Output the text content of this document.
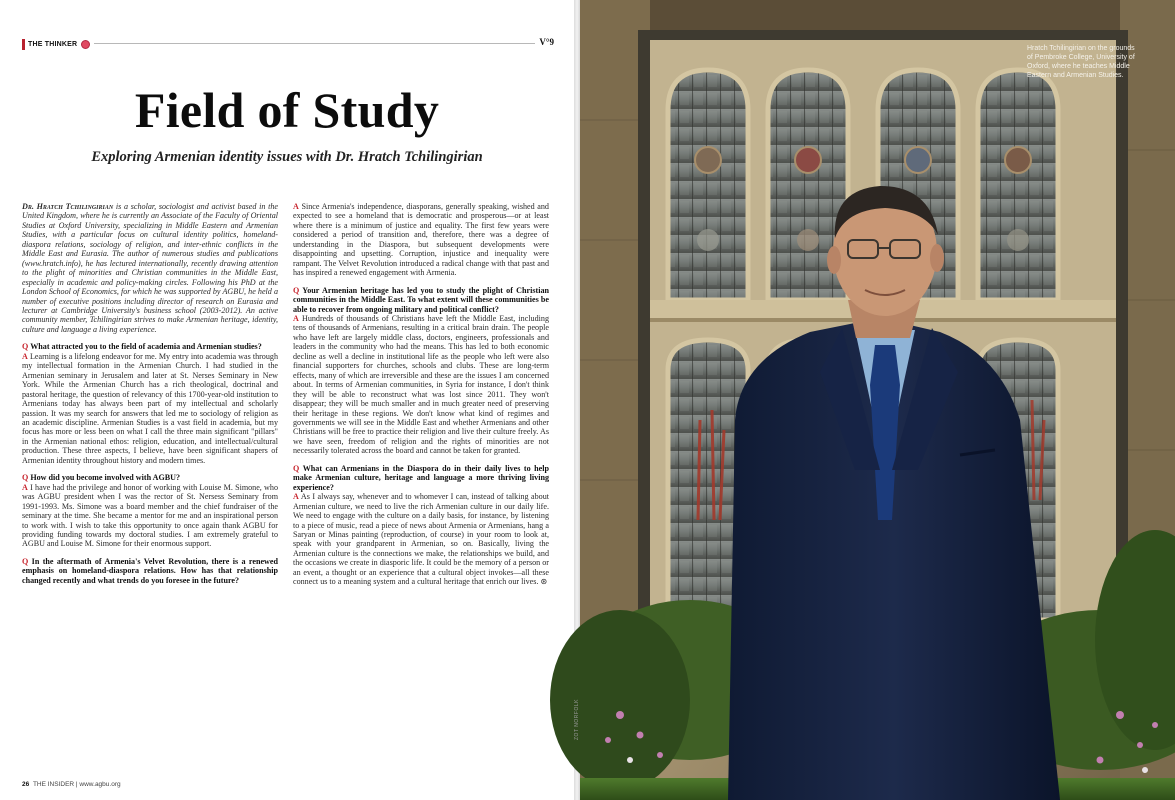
THE THINKER	V°9
Field of Study
Exploring Armenian identity issues with Dr. Hratch Tchilingirian

Dr. Hratch Tchilingirian is a scholar, sociologist and activist based in the United Kingdom, where he is currently an Associate of the Faculty of Oriental Studies at Oxford University, specializing in Middle Eastern and Armenian Studies, with a particular focus on cultural identity politics, homeland-diaspora relations, sociology of religion, and inter-ethnic conflicts in the Middle East and Eurasia. The author of numerous studies and publications (www.hratch.info), he has lectured internationally, recently drawing attention to the plight of minorities and Christian communities in the Middle East, especially in academic and policy-making circles. Following his PhD at the London School of Economics, for which he was supported by AGBU, he held a number of executive positions including director of research on Eurasia and lecturer at Cambridge University's business school (2003-2012). An active community member, Tchilingirian strives to make Armenian heritage, identity, culture and language a living experience.

Q What attracted you to the field of academia and Armenian studies?

A Learning is a lifelong endeavor for me. My entry into academia was through my intellectual formation in the Armenian Church. I had studied in the Armenian seminary in Jerusalem and later at St. Nerses Seminary in New York. While the Armenian Church has a rich theological, doctrinal and pastoral heritage, the question of relevancy of this 1700-year-old institution to Armenians today has always been part of my intellectual and scholarly passion. It was my search for answers that led me to sociology of religion as an academic discipline. Armenian Studies is a vast field in academia, but my focus has more or less been on what I call the three main significant "pillars" in the Armenian national ethos: religion, education, and intellectual/cultural production. These three aspects, I believe, have been significant shapers of Armenian identity throughout history and modern times.

Q How did you become involved with AGBU?

A I have had the privilege and honor of working with Louise M. Simone, who was AGBU president when I was the rector of St. Nersess Seminary from 1991-1993. Ms. Simone was a board member and the chief fundraiser of the seminary at the time. She became a mentor for me and an inspirational person to work with. I wish to take this opportunity to once again thank AGBU for providing funding towards my doctoral studies. I am extremely grateful to AGBU and Louise M. Simone for their enormous support.

Q In the aftermath of Armenia's Velvet Revolution, there is a renewed emphasis on homeland-diaspora relations. How has that relationship changed recently and what trends do you foresee in the future?

A Since Armenia's independence, diasporans, generally speaking, wished and expected to see a homeland that is democratic and prosperous—or at least where there is a minimum of justice and equality. The first few years were considered a period of transition and, therefore, there was a degree of understanding in the Diaspora, but subsequent developments were disappointing and upsetting. Corruption, injustice and inequality were rampant. The Velvet Revolution introduced a radical change with that past and has inspired a renewed engagement with Armenia.

Q Your Armenian heritage has led you to study the plight of Christian communities in the Middle East. To what extent will these communities be able to recover from ongoing military and political conflict?

A Hundreds of thousands of Christians have left the Middle East, including tens of thousands of Armenians, resulting in a critical brain drain. The people who have left are largely middle class, doctors, engineers, professionals and leaders in the community who had the means. This has led to both economic decline as well a decline in institutional life as the people who left were also financial supporters for churches, schools and clubs. These are long-term effects, many of which are irreversible and these are the issues I am concerned about. In terms of Armenian communities, in Syria for instance, I don't think they will be able to reconstruct what was lost since 2011. They won't disappear; they will be much smaller and in much greater need of preserving their heritage in these regions. We don't know what kind of regimes and governments we will see in the Middle East and whether Armenians and other Christians will be free to practice their religion and live their culture freely. As we have seen, freedom of religion and the rights of minorities are not necessarily tolerated across the board and cannot be taken for granted.

Q What can Armenians in the Diaspora do in their daily lives to help make Armenian culture, heritage and language a more thriving living experience?

A As I always say, whenever and to whomever I can, instead of talking about Armenian culture, we need to live the rich Armenian culture in our daily life. We need to engage with the culture on a daily basis, for instance, by listening to a piece of music, read a piece of news about Armenia or Armenians, hang a Saryan or Minas painting (reproduction, of course) in your room to look at, speak with your grandparent in Armenian, so on. Basically, living the Armenian culture is the connections we make, the relationships we build, and the occasions we create in diasporic life. It could be the memory of a person or an event, a thought or an experience that a cultural object invokes—all these connect us to a meaning system and a cultural heritage that enrich our lives. ⊛

26 THE INSIDER | www.agbu.org
Hratch Tchilingirian on the grounds of Pembroke College, University of Oxford, where he teaches Middle Eastern and Armenian Studies.
ZOT NORFOLK
